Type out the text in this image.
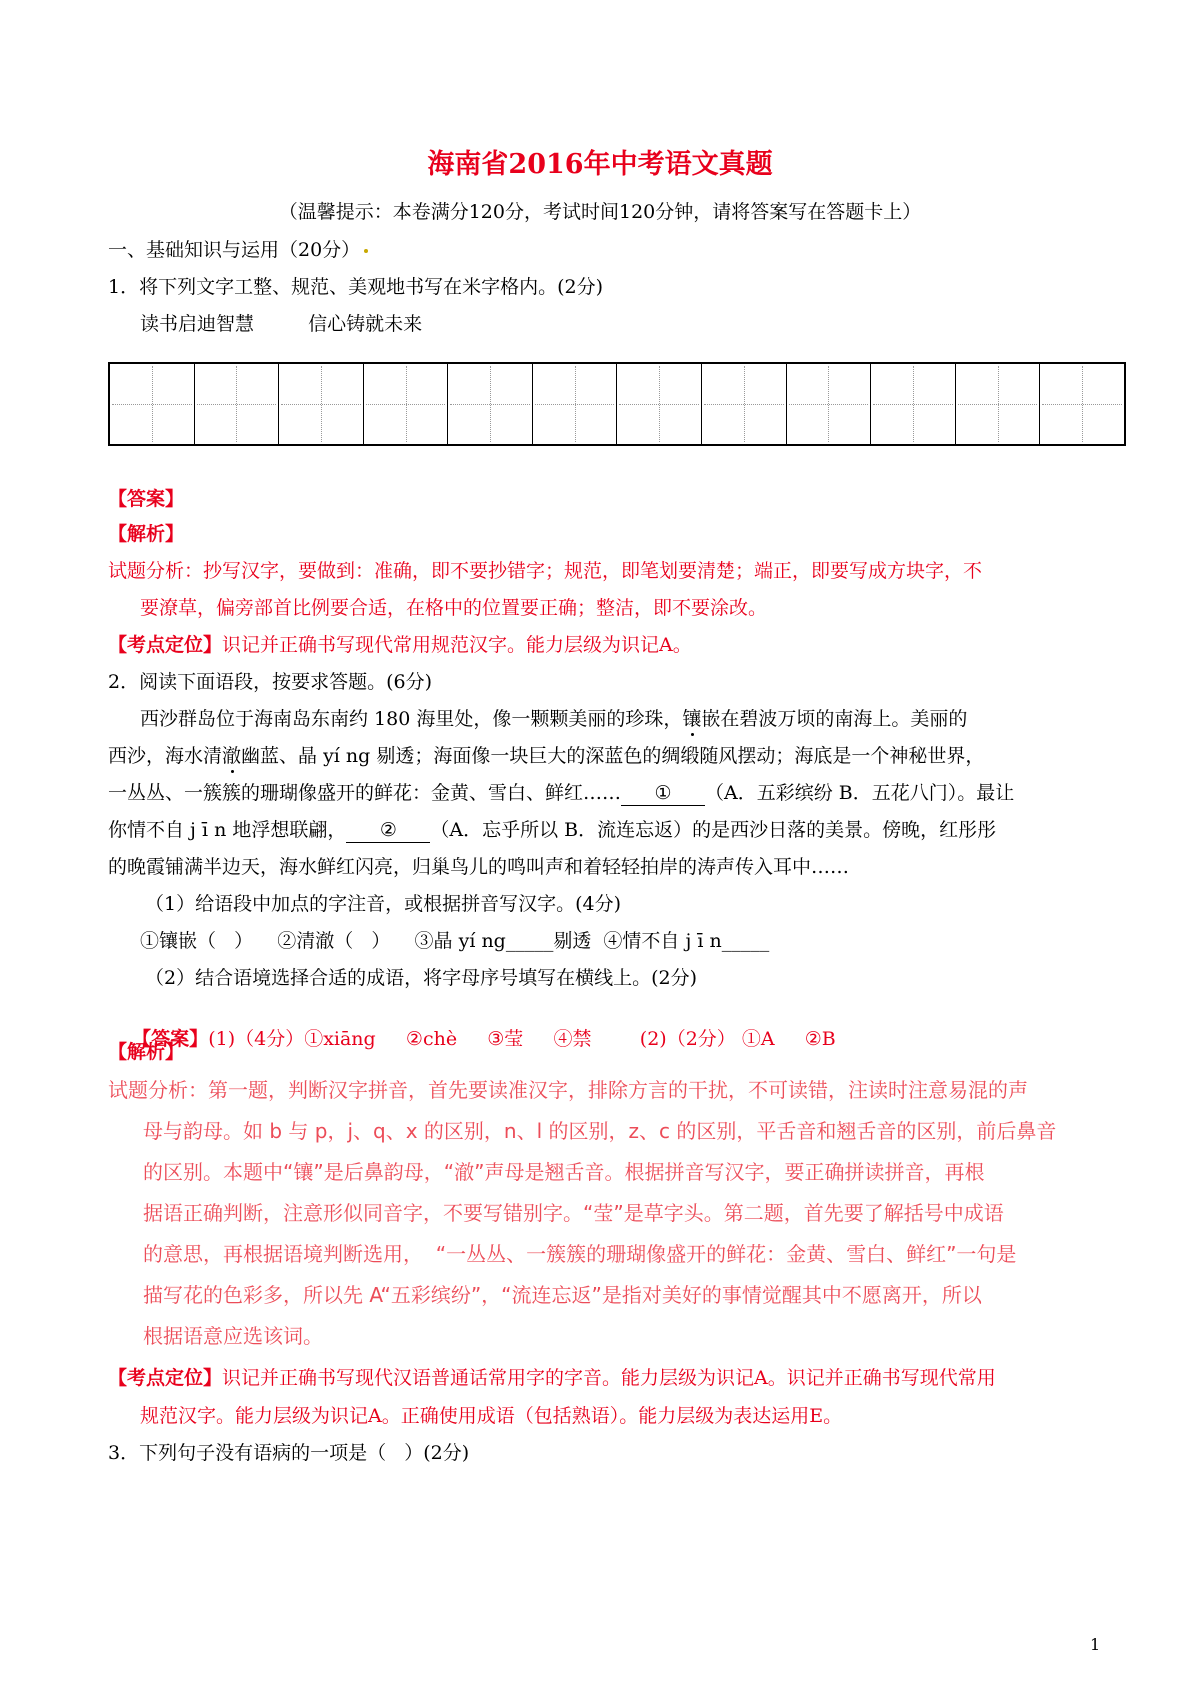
海南省2016年中考语文真题
（温馨提示：本卷满分120分，考试时间120分钟，请将答案写在答题卡上）
一、基础知识与运用（20分）
1．将下列文字工整、规范、美观地书写在米字格内。(2分)
读书启迪智慧	信心铸就未来
【答案】
【解析】
试题分析：抄写汉字，要做到：准确，即不要抄错字；规范，即笔划要清楚；端正，即要写成方块字，不
要潦草，偏旁部首比例要合适，在格中的位置要正确；整洁，即不要涂改。
【考点定位】识记并正确书写现代常用规范汉字。能力层级为识记A。
2．阅读下面语段，按要求答题。(6分)
西沙群岛位于海南岛东南约 180 海里处，像一颗颗美丽的珍珠，镶嵌在碧波万顷的南海上。美丽的
西沙，海水清澈幽蓝、晶 yí ng 剔透；海面像一块巨大的深蓝色的绸缎随风摆动；海底是一个神秘世界，
一丛丛、一簇簇的珊瑚像盛开的鲜花：金黄、雪白、鲜红…… ① （A．五彩缤纷 B．五花八门）。最让
你情不自 j ī n 地浮想联翩， ② （A．忘乎所以 B．流连忘返）的是西沙日落的美景。傍晚，红彤彤
的晚霞铺满半边天，海水鲜红闪亮，归巢鸟儿的鸣叫声和着轻轻拍岸的涛声传入耳中……
（1）给语段中加点的字注音，或根据拼音写汉字。(4分)
①镶嵌（   ）    ②清澈（   ）    ③晶 yí ng_____剔透  ④情不自 j ī n_____
（2）结合语境选择合适的成语，将字母序号填写在横线上。(2分)

【答案】(1)（4分）①xiāng     ②chè     ③莹     ④禁        (2)（2分） ①A     ②B

【解析】
试题分析：第一题，判断汉字拼音，首先要读准汉字，排除方言的干扰，不可读错，注读时注意易混的声
母与韵母。如 b 与 p，j、q、x 的区别，n、l 的区别，z、c 的区别，平舌音和翘舌音的区别，前后鼻音
的区别。本题中“镶”是后鼻韵母，“澈”声母是翘舌音。根据拼音写汉字，要正确拼读拼音，再根
据语正确判断，注意形似同音字，不要写错别字。“莹”是草字头。第二题，首先要了解括号中成语
的意思，再根据语境判断选用，  “一丛丛、一簇簇的珊瑚像盛开的鲜花：金黄、雪白、鲜红”一句是
描写花的色彩多，所以先 A“五彩缤纷”，“流连忘返”是指对美好的事情觉醒其中不愿离开，所以
根据语意应选该词。
【考点定位】识记并正确书写现代汉语普通话常用字的字音。能力层级为识记A。识记并正确书写现代常用
规范汉字。能力层级为识记A。正确使用成语（包括熟语）。能力层级为表达运用E。
3．下列句子没有语病的一项是（   ）(2分)
1
